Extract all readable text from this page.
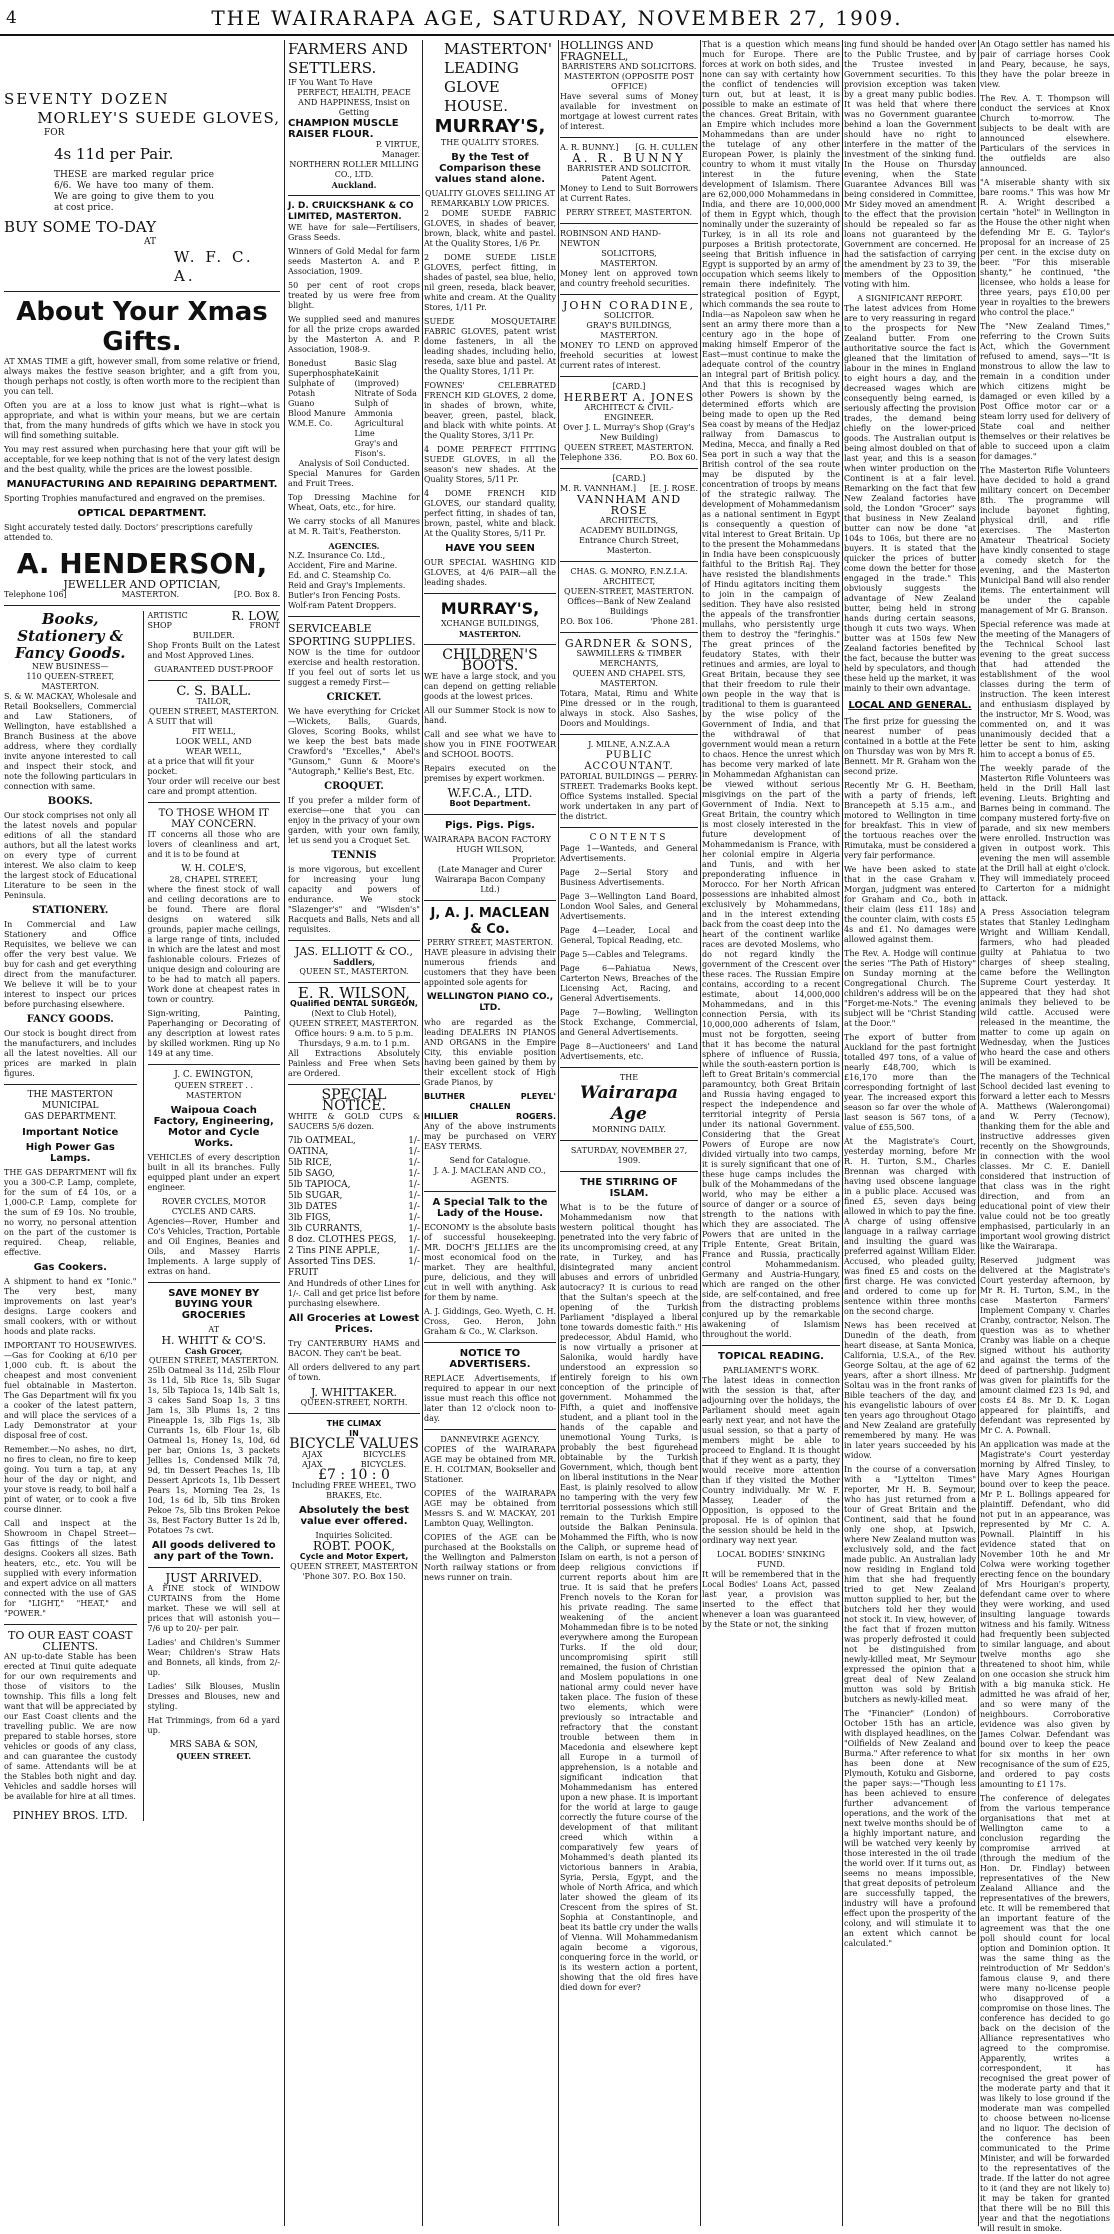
4	THE WAIRARAPA AGE, SATURDAY, NOVEMBER 27, 1909.
SEVENTY DOZEN
MORLEY'S SUEDE GLOVES,
FOR
4s 11d per Pair.

THESE are marked regular price 6/6. We have too many of them. We are going to give them to you at cost price.

BUY SOME TO-DAY
AT
W. F. C. A.
About Your Xmas Gifts.

AT XMAS TIME a gift, however small, from some relative or friend, always makes the festive season brighter, and a gift from you, though perhaps not costly, is often worth more to the recipient than you can tell.

Often you are at a loss to know just what is right—what is appropriate, and what is within your means, but we are certain that, from the many hundreds of gifts which we have in stock you will find something suitable.

You may rest assured when purchasing here that your gift will be acceptable, for we keep nothing that is not of the very latest design and the best quality, while the prices are the lowest possible.

MANUFACTURING AND REPAIRING DEPARTMENT.
Sporting Trophies manufactured and engraved on the premises.
OPTICAL DEPARTMENT.
Sight accurately tested daily. Doctors' prescriptions carefully attended to.
A. HENDERSON,
JEWELLER AND OPTICIAN,
Telephone 106]	MASTERTON.	[P.O. Box 8.
Books, Stationery & Fancy Goods.
NEW BUSINESS—
110 QUEEN-STREET, MASTERTON.

S. & W. MACKAY, Wholesale and Retail Booksellers, Commercial and Law Stationers, of Wellington, have established a Branch Business at the above address, where they cordially invite anyone interested to call and inspect their stock, and note the following particulars in connection with same.

BOOKS.

Our stock comprises not only all the latest novels and popular editions of all the standard authors, but all the latest works on every type of current interest. We also claim to keep the largest stock of Educational Literature to be seen in the Peninsula.

STATIONERY.

In Commercial and Law Stationery and Office Requisites, we believe we can offer the very best value. We buy for cash and get everything direct from the manufacturer. We believe it will be to your interest to inspect our prices before purchasing elsewhere.

FANCY GOODS.

Our stock is bought direct from the manufacturers, and includes all the latest novelties. All our prices are marked in plain figures.

THE MASTERTON
MUNICIPAL
GAS DEPARTMENT.
Important Notice
High Power Gas Lamps.

THE GAS DEPARTMENT will fix you a 300-C.P. Lamp, complete, for the sum of £4 10s, or a 1,000-C.P. Lamp, complete for the sum of £9 10s. No trouble, no worry, no personal attention on the part of the customer is required. Cheap, reliable, effective.

Gas Cookers.

A shipment to hand ex "Ionic." The very best, many improvements on last year's designs. Large cookers and small cookers, with or without hoods and plate racks.

IMPORTANT TO HOUSEWIVES.—Gas for Cooking at 6/10 per 1,000 cub. ft. is about the cheapest and most convenient fuel obtainable in Masterton. The Gas Department will fix you a cooker of the latest pattern, and will place the services of a Lady Demonstrator at your disposal free of cost.

Remember.—No ashes, no dirt, no fires to clean, no fire to keep going. You turn a tap, at any hour of the day or night, and your stove is ready, to boil half a pint of water, or to cook a five course dinner.

Call and inspect at the Showroom in Chapel Street—Gas fittings of the latest designs. Cookers all sizes. Bath heaters, etc., etc. You will be supplied with every information and expert advice on all matters connected with the use of GAS for "LIGHT," "HEAT," and "POWER."

TO OUR EAST COAST CLIENTS.

AN up-to-date Stable has been erected at Tinui quite adequate for our own requirements and those of visitors to the township. This fills a long felt want that will be appreciated by our East Coast clients and the travelling public. We are now prepared to stable horses, store vehicles or goods of any class, and can guarantee the custody of same. Attendants will be at the Stables both night and day. Vehicles and saddle horses will be available for hire at all times.

PINHEY BROS. LTD.
ARTISTIC	R. LOW,
SHOP	FRONT
BUILDER.

Shop Fronts Built on the Latest and Most Approved Lines.

GUARANTEED DUST-PROOF
C. S. BALL.
TAILOR,
QUEEN STREET, MASTERTON.
A SUIT that will
FIT WELL,
LOOK WELL, AND
WEAR WELL,
at a price that will fit your pocket.

Your order will receive our best care and prompt attention.

TO THOSE WHOM IT MAY CONCERN.

IT concerns all those who are lovers of cleanliness and art, and it is to be found at

W. H. COLE'S,
28, CHAPEL STREET,

where the finest stock of wall and ceiling decorations are to be found. There are floral designs on watered silk grounds, papier mache ceilings, a large range of tints, included in which are the latest and most fashionable colours. Friezes of unique design and colouring are to be had to match all papers. Work done at cheapest rates in town or country.

Sign-writing, Painting, Paperhanging or Decorating of any description at lowest rates by skilled workmen. Ring up No 149 at any time.

J. C. EWINGTON,
QUEEN STREET . . MASTERTON
Waipoua Coach Factory, Engineering, Motor and Cycle Works.

VEHICLES of every description built in all its branches. Fully equipped plant under an expert engineer.

ROVER CYCLES, MOTOR CYCLES AND CARS.

Agencies—Rover, Humber and Co's Vehicles, Traction, Portable and Oil Engines, Beanies and Oils, and Massey Harris Implements. A large supply of extras on hand.

SAVE MONEY BY BUYING YOUR GROCERIES
AT
H. WHITT & CO'S.
Cash Grocer,
QUEEN STREET, MASTERTON.

25lb Oatmeal 3s 11d, 25lb Flour 3s 11d, 5lb Rice 1s, 5lb Sugar 1s, 5lb Tapioca 1s, 14lb Salt 1s, 3 cakes Sand Soap 1s, 3 tins Jam 1s, 3lb Plums 1s, 2 tins Pineapple 1s, 3lb Figs 1s, 3lb Currants 1s, 6lb Flour 1s, 6lb Oatmeal 1s, Honey 1s, 10d, 6d per bar, Onions 1s, 3 packets Jellies 1s, Condensed Milk 7d, 9d, tin Dessert Peaches 1s, 1lb Dessert Apricots 1s, 1lb Dessert Pears 1s, Morning Tea 2s, 1s 10d, 1s 6d lb, 5lb tins Broken Pekoe 7s, 5lb tins Broken Pekoe 3s, Best Factory Butter 1s 2d lb, Potatoes 7s cwt.

All goods delivered to any part of the Town.
JUST ARRIVED.

A FINE stock of WINDOW CURTAINS from the Home market. These we will sell at prices that will astonish you—7/6 up to 20/- per pair.

Ladies' and Children's Summer Wear; Children's Straw Hats and Bonnets, all kinds, from 2/- up.

Ladies' Silk Blouses, Muslin Dresses and Blouses, new and styling.

Hat Trimmings, from 6d a yard up.

MRS SABA & SON,
QUEEN STREET.
FARMERS AND SETTLERS.
IF You Want To Have
PERFECT, HEALTH, PEACE AND HAPPINESS, Insist on Getting
CHAMPION MUSCLE RAISER FLOUR.
P. VIRTUE,
Manager.
NORTHERN ROLLER MILLING CO., LTD.
Auckland.
J. D. CRUICKSHANK & CO LIMITED, MASTERTON.

WE have for sale—Fertilisers, Grass Seeds.

Winners of Gold Medal for farm seeds Masterton A. and P. Association, 1909.

50 per cent of root crops treated by us were free from blight.

We supplied seed and manures for all the prize crops awarded by the Masterton A. and P. Association, 1908-9.

Bonedust
Superphosphate
Sulphate of Potash
Guano
Blood Manure
W.M.E. Co.
Basic Slag
Kainit (improved)
Nitrate of Soda
Sulph of Ammonia
Agricultural Lime
Gray's and Fison's.
Analysis of Soil Conducted.

Special Manures for Garden and Fruit Trees.

Top Dressing Machine for Wheat, Oats, etc., for hire.

We carry stocks of all Manures at M. R. Tait's, Featherston.

AGENCIES.
N.Z. Insurance Co. Ltd., Accident, Fire and Marine.
Ed. and C. Steamship Co.
Reid and Gray's Implements.
Butler's Iron Fencing Posts.
Wolf-ram Patent Droppers.
SERVICEABLE SPORTING SUPPLIES.

NOW is the time for outdoor exercise and health restoration. If you feel out of sorts let us suggest a remedy First—

CRICKET.

We have everything for Cricket—Wickets, Balls, Guards, Gloves, Scoring Books, whilst we keep the best bats made Crawford's "Excelles," Abel's "Gunsom," Gunn & Moore's "Autograph," Kellie's Best, Etc.

CROQUET.

If you prefer a milder form of exercise—one that you can enjoy in the privacy of your own garden, with your own family, let us send you a Croquet Set.

TENNIS

is more vigorous, but excellent for increasing your lung capacity and powers of endurance. We stock "Slazenger's" and "Wisden's" Racquets and Balls, Nets and all requisites.

JAS. ELLIOTT & CO.,
Saddlers,
QUEEN ST., MASTERTON.
E. R. WILSON,
Qualified DENTAL SURGEON,
(Next to Club Hotel),
QUEEN STREET, MASTERTON.
Office hours: 9 a.m. to 5 p.m.
Thursdays, 9 a.m. to 1 p.m.

All Extractions Absolutely Painless and Free when Sets are Ordered.

SPECIAL NOTICE.

WHITE & GOLD CUPS & SAUCERS 5/6 dozen.

7lb OATMEAL,	1/-
OATINA,	1/-
5lb RICE,	1/-
5lb SAGO,	1/-
5lb TAPIOCA,	1/-
5lb SUGAR,	1/-
3lb DATES	1/-
3lb FIGS,	1/-
3lb CURRANTS,	1/-
8 doz. CLOTHES PEGS, 1/-
2 Tins PINE APPLE,	1/-
Assorted Tins DES. FRUIT
1/-

And Hundreds of other Lines for 1/-. Call and get price list before purchasing elsewhere.

All Groceries at Lowest Prices.

Try CANTERBURY HAMS and BACON. They can't be beat.

All orders delivered to any part of town.

J. WHITTAKER.
QUEEN-STREET, NORTH.
THE CLIMAX
IN
BICYCLE VALUES
AJAX	BICYCLES
AJAX	BICYCLES.
£7 : 10 : 0
Including FREE WHEEL, TWO BRAKES, Etc.
Absolutely the best value ever offered.
Inquiries Solicited.
ROBT. POOK,
Cycle and Motor Expert,
QUEEN STREET, MASTERTON
'Phone 307. P.O. Box 150.
MASTERTON'
LEADING
GLOVE
HOUSE.
MURRAY'S,
THE QUALITY STORES.
By the Test of Comparison these values stand alone.
QUALITY GLOVES SELLING AT REMARKABLY LOW PRICES.

2 DOME SUEDE FABRIC GLOVES, in shades of beaver, brown, black, white and pastel. At the Quality Stores, 1/6 Pr.

2 DOME SUEDE LISLE GLOVES, perfect fitting, in shades of pastel, sea blue, helio, nil green, reseda, black beaver, white and cream. At the Quality Stores, 1/11 Pr.

SUEDE MOSQUETAIRE FABRIC GLOVES, patent wrist dome fasteners, in all the leading shades, including helio, reseda, saxe blue and pastel. At the Quality Stores, 1/11 Pr.

FOWNES' CELEBRATED FRENCH KID GLOVES, 2 dome, in shades of brown, white, beaver, green, pastel, black, and black with white points. At the Quality Stores, 3/11 Pr.

4 DOME PERFECT FITTING SUEDE GLOVES, in all the season's new shades. At the Quality Stores, 5/11 Pr.

4 DOME FRENCH KID GLOVES, our standard quality, perfect fitting, in shades of tan, brown, pastel, white and black. At the Quality Stores, 5/11 Pr.

HAVE YOU SEEN

OUR SPECIAL WASHING KID GLOVES, at 4/6 PAIR—all the leading shades.

MURRAY'S,
XCHANGE BUILDINGS,
MASTERTON.
CHILDREN'S BOOTS.

WE have a large stock, and you can depend on getting reliable goods at the lowest prices.

All our Summer Stock is now to hand.

Call and see what we have to show you in FINE FOOTWEAR and SCHOOL BOOTS.

Repairs executed on the premises by expert workmen.

W.F.C.A., LTD.
Boot Department.
Pigs. Pigs. Pigs.
WAIRARAPA BACON FACTORY
HUGH WILSON,
Proprietor.
(Late Manager and Curer Wairarapa Bacon Company Ltd.)
J, A. J. MACLEAN & Co.
PERRY STREET, MASTERTON.

HAVE pleasure in advising their numerous friends and customers that they have been appointed sole agents for

WELLINGTON PIANO CO., LTD.

who are regarded as the leading DEALERS IN PIANOS AND ORGANS in the Empire City, this enviable position having been gained by them by their excellent stock of High Grade Pianos, by

BLUTHER	PLEYEL'
CHALLEN
HILLIER	ROGERS.

Any of the above instruments may be purchased on VERY EASY TERMS.

Send for Catalogue.
J. A. J. MACLEAN AND CO.,
AGENTS.
A Special Talk to the Lady of the House.

ECONOMY is the absolute basis of successful housekeeping. MR. DOCH'S JELLIES are the most economical food on the market. They are healthful, pure, delicious, and they will cut in well with anything. Ask for them by name.

A. J. Giddings, Geo. Wyeth, C. H. Cross, Geo. Heron, John Graham & Co., W. Clarkson.

NOTICE TO ADVERTISERS.

REPLACE Advertisements, if required to appear in our next issue must reach this office not later than 12 o'clock noon to-day.

DANNEVIRKE AGENCY.

COPIES of the WAIRARAPA AGE may be obtained from MR. E. H. COLTMAN, Bookseller and Stationer.

COPIES of the WAIRARAPA AGE may be obtained from Messrs S. and W. MACKAY, 201 Lambton Quay, Wellington.

COPIES of the AGE can be purchased at the Bookstalls on the Wellington and Palmerston North railway stations or from news runner on train.

HOLLINGS AND FRAGNELL,
BARRISTERS AND SOLICITORS.
MASTERTON (OPPOSITE POST OFFICE)

Have several sums of Money available for investment on mortgage at lowest current rates of interest.

A. R. BUNNY.] [G. H. CULLEN
A. R. BUNNY
BARRISTER AND SOLICITOR.
Patent Agent.

Money to Lend to Suit Borrowers at Current Rates.

PERRY STREET, MASTERTON.
ROBINSON AND HAND-NEWTON
SOLICITORS,
MASTERTON.

Money lent on approved town and country freehold securities.

JOHN CORADINE,
SOLICITOR.
GRAY'S BUILDINGS, MASTERTON.

MONEY TO LEND on approved freehold securities at lowest current rates of interest.

[CARD.]
HERBERT A. JONES
ARCHITECT & CIVIL-ENGINEER.
Over J. L. Murray's Shop (Gray's New Building)
QUEEN STREET, MASTERTON.
Telephone 336.	P.O. Box 60.
[CARD.]
M. R. VANNHAM.] [E. J. ROSE.
VANNHAM AND ROSE
ARCHITECTS,
ACADEMY BUILDINGS,
Entrance Church Street, Masterton.
CHAS. G. MONRO, F.N.Z.I.A.
ARCHITECT,
QUEEN-STREET, MASTERTON.
Offices—Bank of New Zealand Buildings
P.O. Box 106.	'Phone 281.
GARDNER & SONS,
SAWMILLERS & TIMBER MERCHANTS,
QUEEN AND CHAPEL STS, MASTERTON.

Totara, Matai, Rimu and White Pine dressed or in the rough, always in stock. Also Sashes, Doors and Mouldings.

J. MILNE, A.N.Z.A.A
PUBLIC ACCOUNTANT.

PATORIAL BUILDINGS — PERRY-STREET. Trademarks Books kept. Office Systems installed. Special work undertaken in any part of the district.

CONTENTS

Page 1—Wanteds, and General Advertisements.

Page 2—Serial Story and Business Advertisements.

Page 3—Wellington Land Board, London Wool Sales, and General Advertisements.

Page 4—Leader, Local and General, Topical Reading, etc.

Page 5—Cables and Telegrams.

Page 6—Pahiatua News, Carterton News, Breaches of the Licensing Act, Racing, and General Advertisements.

Page 7—Bowling, Wellington Stock Exchange, Commercial, and General Advertisements.

Page 8—Auctioneers' and Land Advertisements, etc.

THE
Wairarapa Age
MORNING DAILY.
SATURDAY, NOVEMBER 27, 1909.
THE STIRRING OF ISLAM.

What is to be the future of Mohammedanism now that western political thought has penetrated into the very fabric of its uncompromising creed, at any rate, in Turkey, and has disintegrated many ancient abuses and errors of unbridled autocracy? It is curious to read that the Sultan's speech at the opening of the Turkish Parliament "displayed a liberal tone towards domestic faith." His predecessor, Abdul Hamid, who is now virtually a prisoner at Salonika, would hardly have understood an expression so entirely foreign to his own conception of the principle of government. Mohammed the Fifth, a quiet and inoffensive student, and a pliant tool in the hands of the capable and unemotional Young Turks, is probably the best figurehead obtainable by the Turkish Government, which, though bent on liberal institutions in the Near East, is plainly resolved to allow no tampering with the very few territorial possessions which still remain to the Turkish Empire outside the Balkan Peninsula. Mohammed the Fifth, who is now the Caliph, or supreme head of Islam on earth, is not a person of deep religious convictions if current reports about him are true. It is said that he prefers French novels to the Koran for his private reading. The same weakening of the ancient Mohammedan fibre is to be noted everywhere among the European Turks. If the old dour, uncompromising spirit still remained, the fusion of Christian and Moslem populations in one national army could never have taken place. The fusion of these two elements, which were previously so intractable and refractory that the constant trouble between them in Macedonia and elsewhere kept all Europe in a turmoil of apprehension, is a notable and significant indication that Mohammedanism has entered upon a new phase. It is important for the world at large to gauge correctly the future course of the development of that militant creed which within a comparatively few years of Mohammed's death planted its victorious banners in Arabia, Syria, Persia, Egypt, and the whole of North Africa, and which later showed the gleam of its Crescent from the spires of St. Sophia at Constantinople, and beat its battle cry under the walls of Vienna. Will Mohammedanism again become a vigorous, conquering force in the world, or is its western action a portent, showing that the old fires have died down for ever?

That is a question which means much for Europe. There are forces at work on both sides, and none can say with certainty how the conflict of tendencies will turn out, but at least, it is possible to make an estimate of the chances. Great Britain, with an Empire which includes more Mohammedans than are under the tutelage of any other European Power, is plainly the country to whom it must vitally interest in the future development of Islamism. There are 62,000,000 Mohammedans in India, and there are 10,000,000 of them in Egypt which, though nominally under the suzerainty of Turkey, is in all its role and purposes a British protectorate, seeing that British influence in Egypt is supported by an army of occupation which seems likely to remain there indefinitely. The strategical position of Egypt, which commands the sea route to India—as Napoleon saw when he sent an army there more than a century ago in the hope of making himself Emperor of the East—must continue to make the adequate control of the country an integral part of British policy. And that this is recognised by other Powers is shown by the determined efforts which are being made to open up the Red Sea coast by means of the Hedjaz railway from Damascus to Medina, Mecca, and finally a Red Sea port in such a way that the British control of the sea route may be disputed by the concentration of troops by means of the strategic railway. The development of Mohammedanism as a national sentiment in Egypt is consequently a question of vital interest to Great Britain. Up to the present the Mohammedans in India have been conspicuously faithful to the British Raj. They have resisted the blandishments of Hindu agitators inciting them to join in the campaign of sedition. They have also resisted the appeals of the transfrontier mullahs, who persistently urge them to destroy the "feringhis." The great princes of the feudatory States, with their retinues and armies, are loyal to Great Britain, because they see that their freedom to rule their own people in the way that is traditional to them is guaranteed by the wise policy of the Government of India, and that the withdrawal of that government would mean a return to chaos. Hence the unrest which has become very marked of late in Mohammedan Afghanistan can be viewed without serious misgivings on the part of the Government of India. Next to Great Britain, the country which is most closely interested in the future development of Mohammedanism is France, with her colonial empire in Algeria and Tunis, and with her preponderating influence in Morocco. For her North African possessions are inhabited almost exclusively by Mohammedans, and in the interest extending back from the coast deep into the heart of the continent warlike races are devoted Moslems, who do not regard kindly the government of the Crescent over these races. The Russian Empire contains, according to a recent estimate, about 14,000,000 Mohammedans, and in this connection Persia, with its 10,000,000 adherents of Islam, must not be forgotten, seeing that it has become the natural sphere of influence of Russia, while the south-eastern portion is left to Great Britain's commercial paramountcy, both Great Britain and Russia having engaged to respect the independence and territorial integrity of Persia under its national Government. Considering that the Great Powers of Europe are now divided virtually into two camps, it is surely significant that one of these huge camps includes the bulk of the Mohammedans of the world, who may be either a source of danger or a source of strength to the nations with which they are associated. The Powers that are united in the Triple Entente, Great Britain, France and Russia, practically control Mohammedanism. Germany and Austria-Hungary, which are ranged on the other side, are self-contained, and free from the distracting problems conjured up by the remarkable awakening of Islamism throughout the world.

TOPICAL READING.
PARLIAMENT'S WORK.

The latest ideas in connection with the session is that, after adjourning over the holidays, the Parliament should meet again early next year, and not have the usual session, so that a party of members might be able to proceed to England. It is thought that if they went as a party, they would receive more attention than if they visited the Mother Country individually. Mr W. F. Massey, Leader of the Opposition, is opposed to the proposal. He is of opinion that the session should be held in the ordinary way next year.

LOCAL BODIES' SINKING FUND.

It will be remembered that in the Local Bodies' Loans Act, passed last year, a provision was inserted to the effect that whenever a loan was guaranteed by the State or not, the sinking

ing fund should be handed over to the Public Trustee, and by the Trustee invested in Government securities. To this provision exception was taken by a great many public bodies. It was held that where there was no Government guarantee behind a loan the Government should have no right to interfere in the matter of the investment of the sinking fund. In the House on Thursday evening, when the State Guarantee Advances Bill was being considered in Committee, Mr Sidey moved an amendment to the effect that the provision should be repealed so far as loans not guaranteed by the Government are concerned. He had the satisfaction of carrying the amendment by 23 to 39, the members of the Opposition voting with him.

A SIGNIFICANT REPORT.

The latest advices from Home are to very reassuring in regard to the prospects for New Zealand butter. From one authoritative source the fact is gleaned that the limitation of labour in the mines in England to eight hours a day, and the decreased wages which are consequently being earned, is seriously affecting the provision trades, the demand being chiefly on the lower-priced goods. The Australian output is being almost doubled on that of last year, and this is a season when winter production on the Continent is at a fair level. Remarking on the fact that few New Zealand factories have sold, the London "Grocer" says that business in New Zealand butter can now be done "at 104s to 106s, but there are no buyers. It is stated that the quicker the prices of butter come down the better for those engaged in the trade." This obviously suggests the advantage of New Zealand butter, being held in strong hands during certain seasons, though it cuts two ways. When butter was at 150s few New Zealand factories benefited by the fact, because the butter was held by speculators, and though these held up the market, it was mainly to their own advantage.

LOCAL AND GENERAL.

The first prize for guessing the nearest number of peas contained in a bottle at the Fete on Thursday was won by Mrs R. Bennett. Mr R. Graham won the second prize.

Recently Mr G. H. Beetham, with a party of friends, left Brancepeth at 5.15 a.m., and motored to Wellington in time for breakfast. This in view of the tortuous reaches over the Rimutaka, must be considered a very fair performance.

We have been asked to state that in the case Graham v. Morgan, judgment was entered for Graham and Co., both in their claim (less £11 18s) and the counter claim, with costs £5 4s and £1. No damages were allowed against them.

The Rev. A. Hodge will continue the series "The Path of History" on Sunday morning at the Congregational Church. The children's address will be on the "Forget-me-Nots." The evening subject will be "Christ Standing at the Door."

The export of butter from Auckland for the past fortnight totalled 497 tons, of a value of nearly £48,700, which is £16,170 more than the corresponding fortnight of last year. The increased export this season so far over the whole of last season is 567 tons, of a value of £55,500.

At the Magistrate's Court, yesterday morning, before Mr R. H. Turton, S.M., Charles Brennan was charged with having used obscene language in a public place. Accused was fined £5, seven days being allowed in which to pay the fine. A charge of using offensive language in a railway carriage and insulting the guard was preferred against William Elder. Accused, who pleaded guilty, was fined £5 and costs on the first charge. He was convicted and ordered to come up for sentence within three months on the second charge.

News has been received at Dunedin of the death, from heart disease, at Santa Monica, California, U.S.A., of the Rev. George Soltau, at the age of 62 years, after a short illness. Mr Soltau was in the front ranks of Bible teachers of the day, and his evangelistic labours of over ten years ago throughout Otago and New Zealand are gratefully remembered by many. He was in later years succeeded by his widow.

In the course of a conversation with a "Lyttelton Times" reporter, Mr H. B. Seymour, who has just returned from a tour of Great Britain and the Continent, said that he found only one shop, at Ipswich, where New Zealand mutton was exclusively sold, and the fact made public. An Australian lady now residing in England told him that she had frequently tried to get New Zealand mutton supplied to her, but the butchers told her they would not stock it. In view, however, of the fact that if frozen mutton was properly defrosted it could not be distinguished from newly-killed meat, Mr Seymour expressed the opinion that a great deal of New Zealand mutton was sold by British butchers as newly-killed meat.

The "Financier" (London) of October 15th has an article, with displayed headlines, on the "Oilfields of New Zealand and Burma." After reference to what has been done at New Plymouth, Kotuku and Gisborne, the paper says:—"Though less has been achieved to ensure further advancement of operations, and the work of the next twelve months should be of a highly important nature, and will be watched very keenly by those interested in the oil trade the world over. If it turns out, as seems no means impossible, that great deposits of petroleum are successfully tapped, the industry will have a profound effect upon the prosperity of the colony, and will stimulate it to an extent which cannot be calculated."

An Otago settler has named his pair of carriage horses Cook and Peary, because, he says, they have the polar breeze in view.

The Rev. A. T. Thompson will conduct the services at Knox Church to-morrow. The subjects to be dealt with are announced elsewhere. Particulars of the services in the outfields are also announced.

"A miserable shanty with six bare rooms." This was how Mr R. A. Wright described a certain "hotel" in Wellington in the House the other night when defending Mr E. G. Taylor's proposal for an increase of 25 per cent. in the excise duty on beer. "For this miserable shanty," he continued, "the licensee, who holds a lease for three years, pays £10,00 per year in royalties to the brewers who control the place."

The "New Zealand Times," referring to the Crown Suits Act, which the Government refused to amend, says—"It is monstrous to allow the law to remain in a condition under which citizens might be damaged or even killed by a Post Office motor car or a steam lorry used for delivery of State coal and neither themselves or their relatives be able to succeed upon a claim for damages."

The Masterton Rifle Volunteers have decided to hold a grand military concert on December 8th. The programme will include bayonet fighting, physical drill, and rifle exercises. The Masterton Amateur Theatrical Society have kindly consented to stage a comedy sketch for the evening, and the Masterton Municipal Band will also render items. The entertainment will be under the capable management of Mr G. Branson.

Special reference was made at the meeting of the Managers of the Technical School last evening to the great success that had attended the establishment of the wool classes during the term of instruction. The keen interest and enthusiasm displayed by the instructor, Mr S. Wood, was commented on, and it was unanimously decided that a letter be sent to him, asking him to accept a bonus of £5.

The weekly parade of the Masterton Rifle Volunteers was held in the Drill Hall last evening. Lieuts. Brighting and Barnes being in command. The company mustered forty-five on parade, and six new members were enrolled. Instruction was given in outpost work. This evening the men will assemble at the Drill hall at eight o'clock. They will immediately proceed to Carterton for a midnight attack.

A Press Association telegram states that Stanley Ledingham Wright and William Kendall, farmers, who had pleaded guilty at Pahiatua to two charges of sheep stealing, came before the Wellington Supreme Court yesterday. It appeared that they had shot animals they believed to be wild cattle. Accused were released in the meantime, the matter to come up again on Wednesday, when the Justices who heard the case and others will be examined.

The managers of the Technical School decided last evening to forward a letter each to Messrs A. Matthews (Walerongomai) and W. Perry (Tecnow), thanking them for the able and instructive addresses given recently on the Showgrounds, in connection with the wool classes. Mr C. E. Daniell considered that instruction of that class was in the right direction, and from an educational point of view their value could not be too greatly emphasised, particularly in an important wool growing district like the Wairarapa.

Reserved judgment was delivered at the Magistrate's Court yesterday afternoon, by Mr R. H. Turton, S.M., in the case Masterton Farmers' Implement Company v. Charles Cranby, contractor, Nelson. The question was as to whether Cranby was liable on a cheque signed without his authority and against the terms of the deed of partnership. Judgment was given for plaintiffs for the amount claimed £23 1s 9d, and costs £4 8s. Mr D. K. Logan appeared for plaintiffs, and defendant was represented by Mr C. A. Pownall.

An application was made at the Magistrate's Court yesterday morning by Alfred Tinsley, to have Mary Agnes Hourigan bound over to keep the peace. Mr P. L. Bollings appeared for plaintiff. Defendant, who did not put in an appearance, was represented by Mr C. A. Pownall. Plaintiff in his evidence stated that on November 10th he and Mr Colwa were working together erecting fence on the boundary of Mrs Hourigan's property, defendant came over to where they were working, and used insulting language towards witness and his family. Witness had frequently been subjected to similar language, and about twelve months ago she threatened to shoot him, while on one occasion she struck him with a big manuka stick. He admitted he was afraid of her, and so were many of the neighbours. Corroborative evidence was also given by James Colwar. Defendant was bound over to keep the peace for six months in her own recognisance of the sum of £25, and ordered to pay costs amounting to £1 17s.

The conference of delegates from the various temperance organisations that met at Wellington came to a conclusion regarding the compromise arrived at (through the medium of the Hon. Dr. Findlay) between representatives of the New Zealand Alliance and the representatives of the brewers, etc. It will be remembered that an important feature of the agreement was that the one poll should count for local option and Dominion option. It was the same thing as the reintroduction of Mr Seddon's famous clause 9, and there were many no-license people who disapproved of a compromise on those lines. The conference has decided to go back on the decision of the Alliance representatives who agreed to the compromise. Apparently, writes a correspondent, it has recognised the great power of the moderate party and that it was likely to lose ground if the moderate man was compelled to choose between no-license and no liquor. The decision of the conference has been communicated to the Prime Minister, and will be forwarded to the representatives of the trade. If the latter do not agree to it (and they are not likely to) it may be taken for granted that there will be no Bill this year and that the negotiations will result in smoke.
